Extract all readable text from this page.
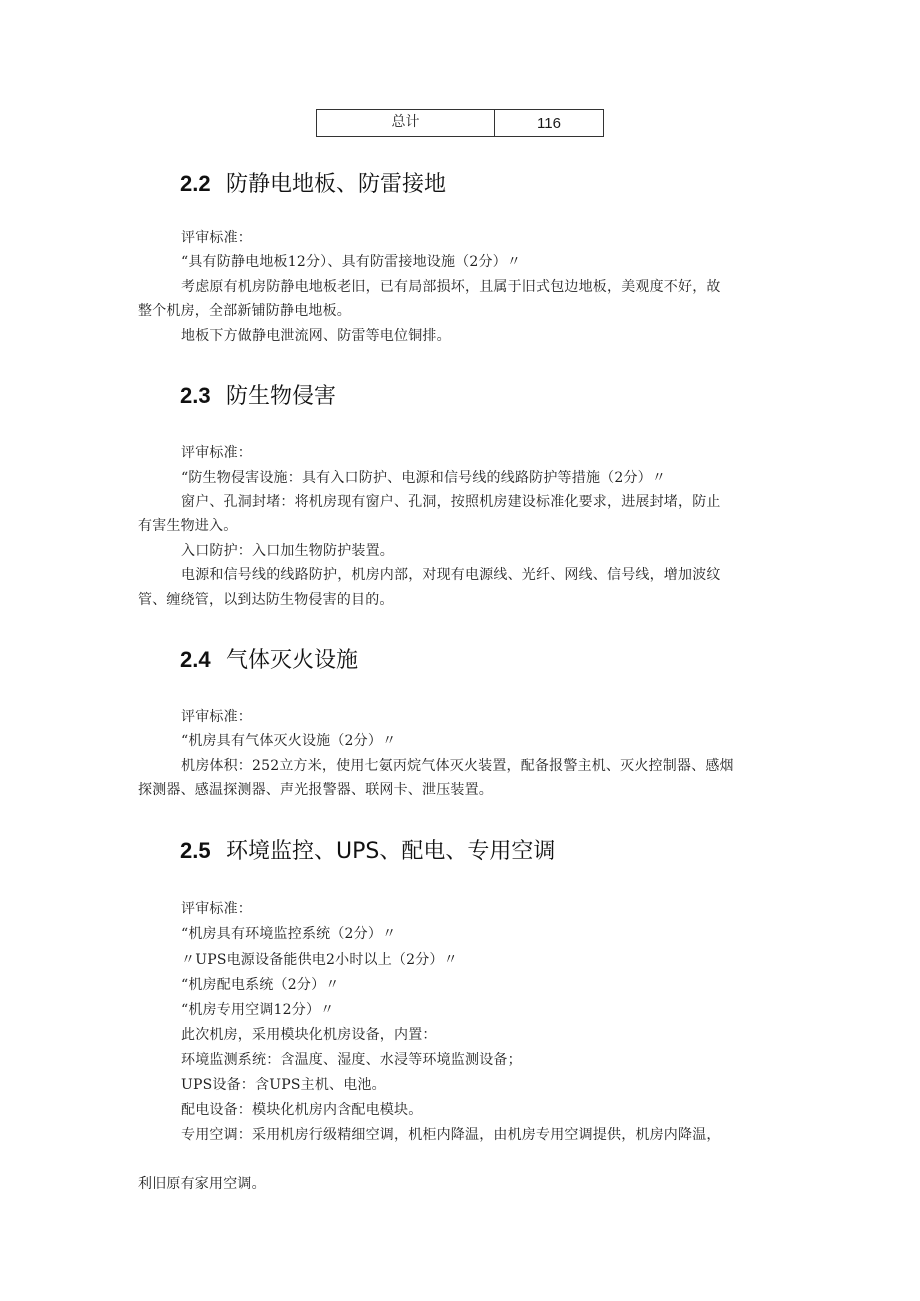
总计	116
2.2 防静电地板、防雷接地
评审标准：
“具有防静电地板12分）、具有防雷接地设施（2分）〃
考虑原有机房防静电地板老旧，已有局部损坏，且属于旧式包边地板，美观度不好，故
整个机房，全部新铺防静电地板。
地板下方做静电泄流网、防雷等电位铜排。
2.3 防生物侵害
评审标准：
“防生物侵害设施：具有入口防护、电源和信号线的线路防护等措施（2分）〃
窗户、孔洞封堵：将机房现有窗户、孔洞，按照机房建设标准化要求，进展封堵，防止
有害生物进入。
入口防护：入口加生物防护装置。
电源和信号线的线路防护，机房内部，对现有电源线、光纤、网线、信号线，增加波纹
管、缠绕管，以到达防生物侵害的目的。
2.4 气体灭火设施
评审标准：
“机房具有气体灭火设施（2分）〃
机房体积：252立方米，使用七氨丙烷气体灭火装置，配备报警主机、灭火控制器、感烟
探测器、感温探测器、声光报警器、联网卡、泄压装置。
2.5 环境监控、UPS、配电、专用空调
评审标准：
“机房具有环境监控系统（2分）〃
〃UPS电源设备能供电2小时以上（2分）〃
“机房配电系统（2分）〃
“机房专用空调12分）〃
此次机房，采用模块化机房设备，内置：
环境监测系统：含温度、湿度、水浸等环境监测设备；
UPS设备：含UPS主机、电池。
配电设备：模块化机房内含配电模块。
专用空调：采用机房行级精细空调，机柜内降温，由机房专用空调提供，机房内降温，
利旧原有家用空调。
